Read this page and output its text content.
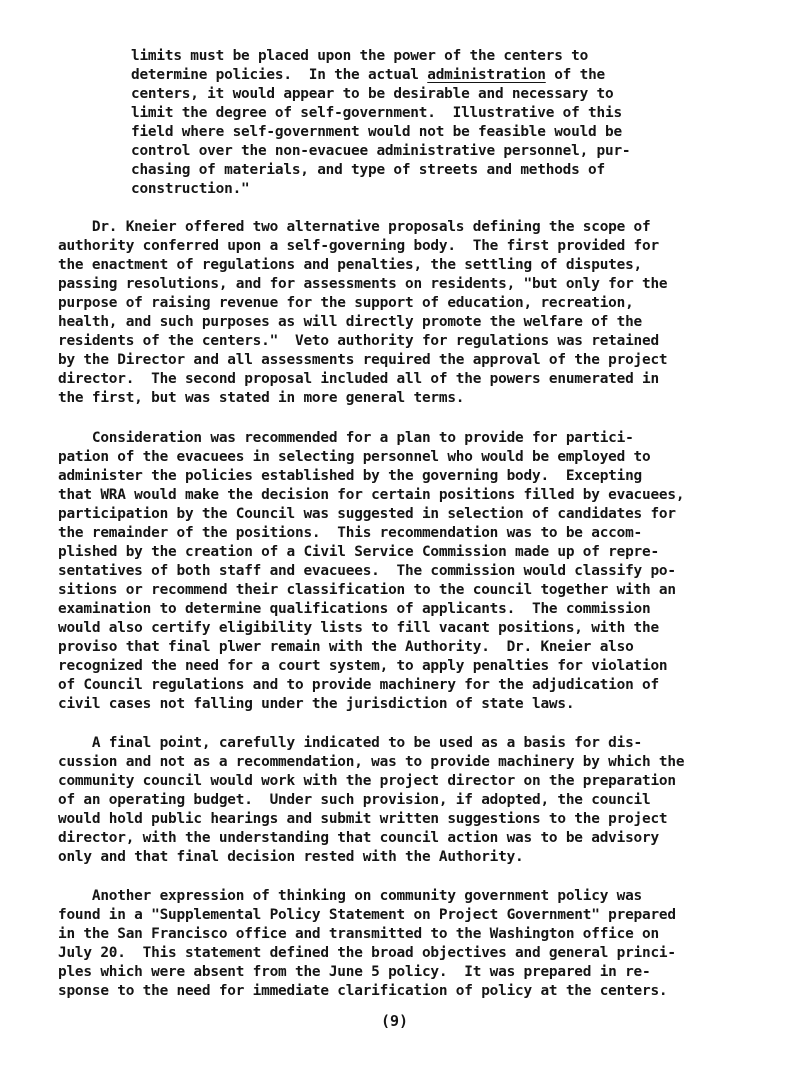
limits must be placed upon the power of the centers to
determine policies.  In the actual administration of the
centers, it would appear to be desirable and necessary to
limit the degree of self-government.  Illustrative of this
field where self-government would not be feasible would be
control over the non-evacuee administrative personnel, pur-
chasing of materials, and type of streets and methods of
construction."
Dr. Kneier offered two alternative proposals defining the scope of
authority conferred upon a self-governing body.  The first provided for
the enactment of regulations and penalties, the settling of disputes,
passing resolutions, and for assessments on residents, "but only for the
purpose of raising revenue for the support of education, recreation,
health, and such purposes as will directly promote the welfare of the
residents of the centers."  Veto authority for regulations was retained
by the Director and all assessments required the approval of the project
director.  The second proposal included all of the powers enumerated in
the first, but was stated in more general terms.
Consideration was recommended for a plan to provide for partici-
pation of the evacuees in selecting personnel who would be employed to
administer the policies established by the governing body.  Excepting
that WRA would make the decision for certain positions filled by evacuees,
participation by the Council was suggested in selection of candidates for
the remainder of the positions.  This recommendation was to be accom-
plished by the creation of a Civil Service Commission made up of repre-
sentatives of both staff and evacuees.  The commission would classify po-
sitions or recommend their classification to the council together with an
examination to determine qualifications of applicants.  The commission
would also certify eligibility lists to fill vacant positions, with the
proviso that final plwer remain with the Authority.  Dr. Kneier also
recognized the need for a court system, to apply penalties for violation
of Council regulations and to provide machinery for the adjudication of
civil cases not falling under the jurisdiction of state laws.
A final point, carefully indicated to be used as a basis for dis-
cussion and not as a recommendation, was to provide machinery by which the
community council would work with the project director on the preparation
of an operating budget.  Under such provision, if adopted, the council
would hold public hearings and submit written suggestions to the project
director, with the understanding that council action was to be advisory
only and that final decision rested with the Authority.
Another expression of thinking on community government policy was
found in a "Supplemental Policy Statement on Project Government" prepared
in the San Francisco office and transmitted to the Washington office on
July 20.  This statement defined the broad objectives and general princi-
ples which were absent from the June 5 policy.  It was prepared in re-
sponse to the need for immediate clarification of policy at the centers.
(9)
